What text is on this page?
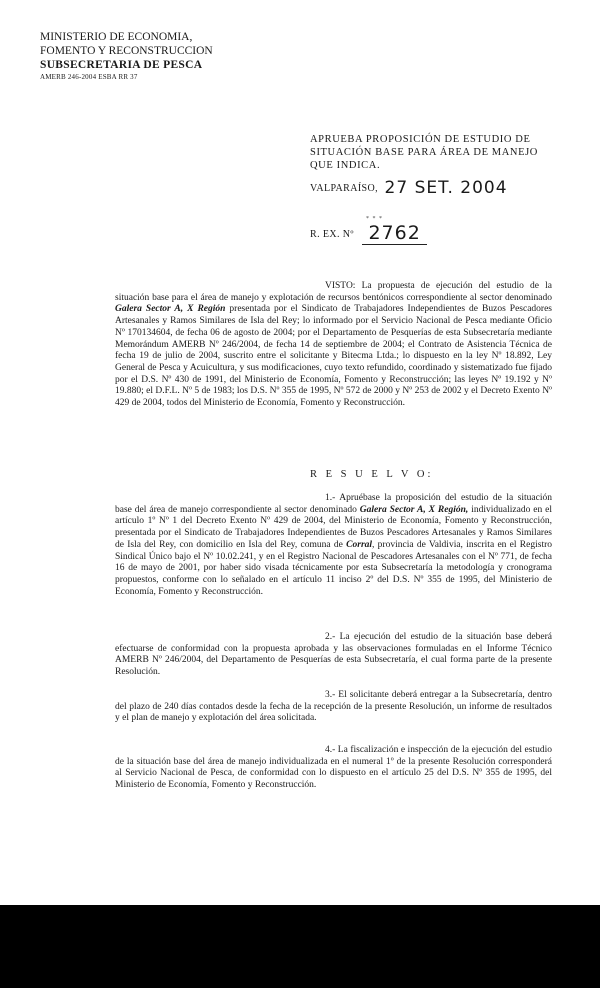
MINISTERIO DE ECONOMIA,
FOMENTO Y RECONSTRUCCION
SUBSECRETARIA DE PESCA
AMERB 246-2004 ESBA RR 37
APRUEBA PROPOSICIÓN DE ESTUDIO DE SITUACIÓN BASE PARA ÁREA DE MANEJO QUE INDICA.
VALPARAÍSO, 27 SET. 2004
* * *
R. EX. Nº 2762
VISTO: La propuesta de ejecución del estudio de la situación base para el área de manejo y explotación de recursos bentónicos correspondiente al sector denominado Galera Sector A, X Región presentada por el Sindicato de Trabajadores Independientes de Buzos Pescadores Artesanales y Ramos Similares de Isla del Rey; lo informado por el Servicio Nacional de Pesca mediante Oficio Nº 170134604, de fecha 06 de agosto de 2004; por el Departamento de Pesquerías de esta Subsecretaría mediante Memorándum AMERB Nº 246/2004, de fecha 14 de septiembre de 2004; el Contrato de Asistencia Técnica de fecha 19 de julio de 2004, suscrito entre el solicitante y Bitecma Ltda.; lo dispuesto en la ley Nº 18.892, Ley General de Pesca y Acuicultura, y sus modificaciones, cuyo texto refundido, coordinado y sistematizado fue fijado por el D.S. Nº 430 de 1991, del Ministerio de Economía, Fomento y Reconstrucción; las leyes Nº 19.192 y Nº 19.880; el D.F.L. Nº 5 de 1983; los D.S. Nº 355 de 1995, Nº 572 de 2000 y Nº 253 de 2002 y el Decreto Exento Nº 429 de 2004, todos del Ministerio de Economía, Fomento y Reconstrucción.
R E S U E L V O:
1.- Apruébase la proposición del estudio de la situación base del área de manejo correspondiente al sector denominado Galera Sector A, X Región, individualizado en el artículo 1º Nº 1 del Decreto Exento Nº 429 de 2004, del Ministerio de Economía, Fomento y Reconstrucción, presentada por el Sindicato de Trabajadores Independientes de Buzos Pescadores Artesanales y Ramos Similares de Isla del Rey, con domicilio en Isla del Rey, comuna de Corral, provincia de Valdivia, inscrita en el Registro Sindical Único bajo el Nº 10.02.241, y en el Registro Nacional de Pescadores Artesanales con el Nº 771, de fecha 16 de mayo de 2001, por haber sido visada técnicamente por esta Subsecretaría la metodología y cronograma propuestos, conforme con lo señalado en el artículo 11 inciso 2º del D.S. Nº 355 de 1995, del Ministerio de Economía, Fomento y Reconstrucción.
2.- La ejecución del estudio de la situación base deberá efectuarse de conformidad con la propuesta aprobada y las observaciones formuladas en el Informe Técnico AMERB Nº 246/2004, del Departamento de Pesquerías de esta Subsecretaría, el cual forma parte de la presente Resolución.
3.- El solicitante deberá entregar a la Subsecretaría, dentro del plazo de 240 días contados desde la fecha de la recepción de la presente Resolución, un informe de resultados y el plan de manejo y explotación del área solicitada.
4.- La fiscalización e inspección de la ejecución del estudio de la situación base del área de manejo individualizada en el numeral 1º de la presente Resolución corresponderá al Servicio Nacional de Pesca, de conformidad con lo dispuesto en el artículo 25 del D.S. Nº 355 de 1995, del Ministerio de Economía, Fomento y Reconstrucción.
